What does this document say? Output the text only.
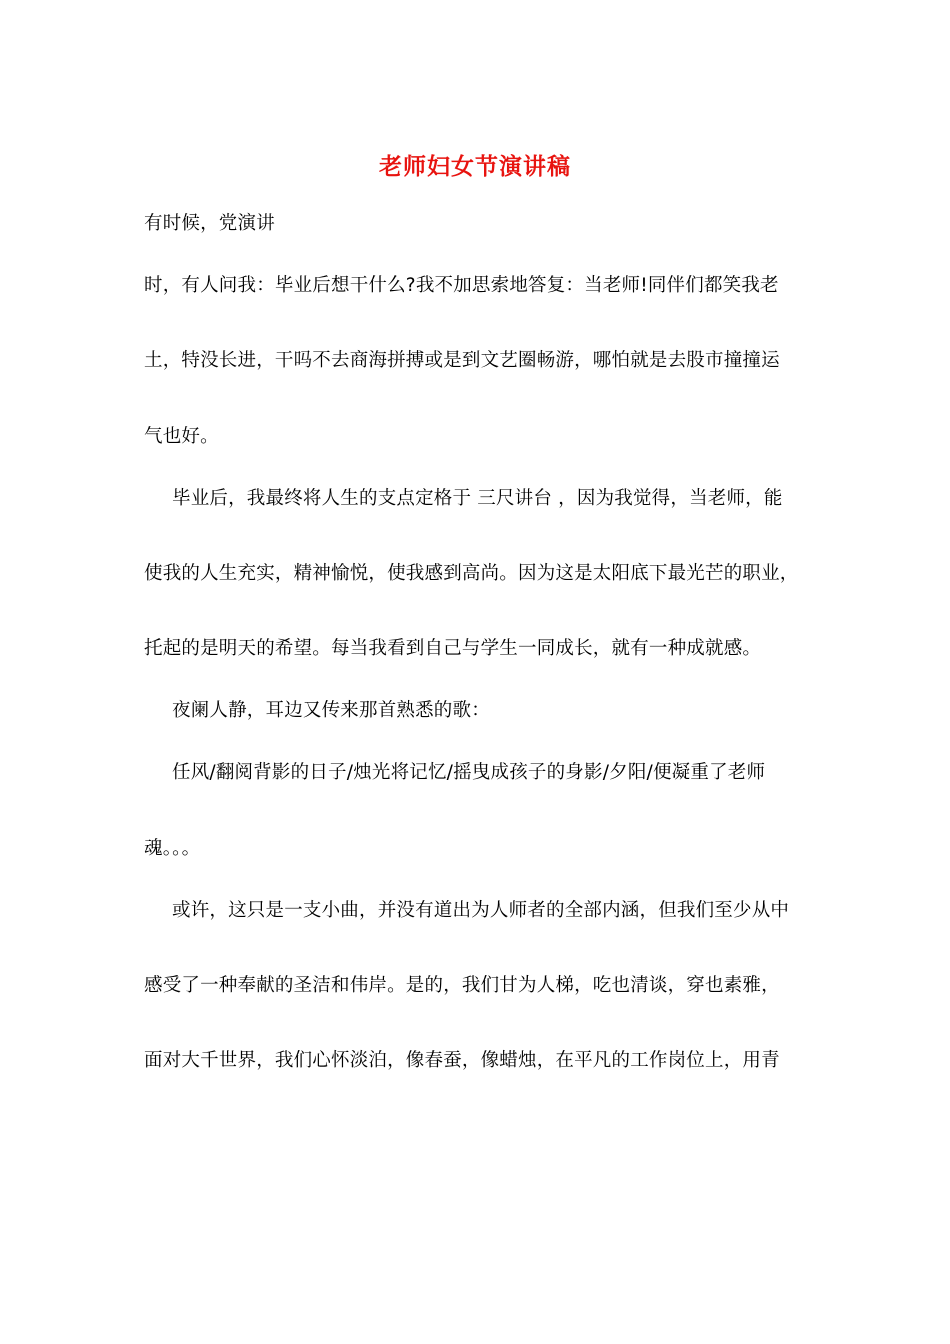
老师妇女节演讲稿
有时候，党演讲
时，有人问我：毕业后想干什么?我不加思索地答复：当老师!同伴们都笑我老
土，特没长进，干吗不去商海拼搏或是到文艺圈畅游，哪怕就是去股市撞撞运
气也好。
毕业后，我最终将人生的支点定格于 三尺讲台 ，因为我觉得，当老师，能
使我的人生充实，精神愉悦，使我感到高尚。因为这是太阳底下最光芒的职业，
托起的是明天的希望。每当我看到自己与学生一同成长，就有一种成就感。
夜阑人静，耳边又传来那首熟悉的歌：
任风/翻阅背影的日子/烛光将记忆/摇曳成孩子的身影/夕阳/便凝重了老师
魂。。。
或许，这只是一支小曲，并没有道出为人师者的全部内涵，但我们至少从中
感受了一种奉献的圣洁和伟岸。是的，我们甘为人梯，吃也清谈，穿也素雅，
面对大千世界，我们心怀淡泊，像春蚕，像蜡烛，在平凡的工作岗位上，用青
